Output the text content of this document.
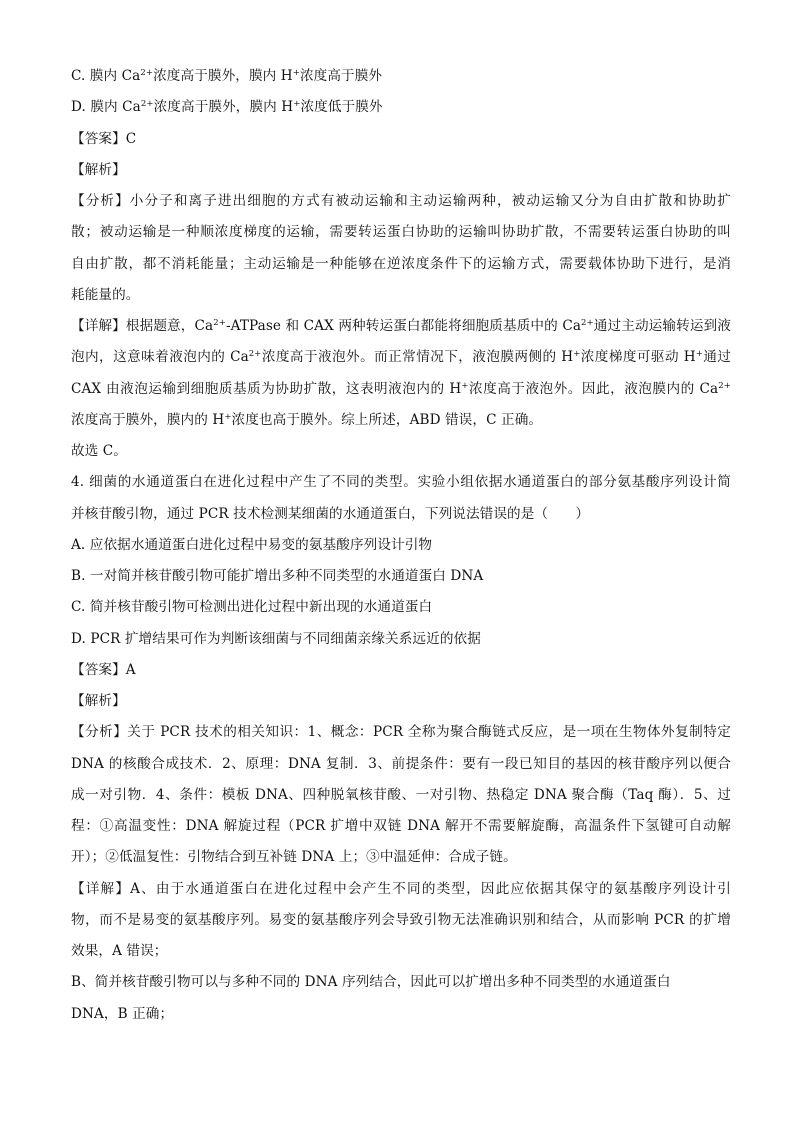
C. 膜内 $Ca^{2+}$浓度高于膜外，膜内 H+浓度高于膜外
D. 膜内 $Ca^{2+}$浓度高于膜外，膜内 H+浓度低于膜外
【答案】C
【解析】
【分析】小分子和离子进出细胞的方式有被动运输和主动运输两种，被动运输又分为自由扩散和协助扩
散；被动运输是一种顺浓度梯度的运输，需要转运蛋白协助的运输叫协助扩散，不需要转运蛋白协助的叫
自由扩散，都不消耗能量；主动运输是一种能够在逆浓度条件下的运输方式，需要载体协助下进行，是消
耗能量的。
【详解】根据题意，$Ca^{2+}$-ATPase 和 CAX 两种转运蛋白都能将细胞质基质中的 $Ca^{2+}$通过主动运输转运到液
泡内，这意味着液泡内的 $Ca^{2+}$浓度高于液泡外。而正常情况下，液泡膜两侧的 H+浓度梯度可驱动 H+通过
CAX 由液泡运输到细胞质基质为协助扩散，这表明液泡内的 H+浓度高于液泡外。因此，液泡膜内的 $Ca^{2+}$
浓度高于膜外，膜内的 H+浓度也高于膜外。综上所述，ABD 错误，C 正确。
故选 C。
4. 细菌的水通道蛋白在进化过程中产生了不同的类型。实验小组依据水通道蛋白的部分氨基酸序列设计简
并核苷酸引物，通过 PCR 技术检测某细菌的水通道蛋白，下列说法错误的是（　　）
A. 应依据水通道蛋白进化过程中易变的氨基酸序列设计引物
B. 一对简并核苷酸引物可能扩增出多种不同类型的水通道蛋白 DNA
C. 简并核苷酸引物可检测出进化过程中新出现的水通道蛋白
D. PCR 扩增结果可作为判断该细菌与不同细菌亲缘关系远近的依据
【答案】A
【解析】
【分析】关于 PCR 技术的相关知识：1、概念：PCR 全称为聚合酶链式反应，是一项在生物体外复制特定
DNA 的核酸合成技术．2、原理：DNA 复制．3、前提条件：要有一段已知目的基因的核苷酸序列以便合
成一对引物．4、条件：模板 DNA、四种脱氧核苷酸、一对引物、热稳定 DNA 聚合酶（Taq 酶）．5、过
程：①高温变性：DNA 解旋过程（PCR 扩增中双链 DNA 解开不需要解旋酶，高温条件下氢键可自动解
开）；②低温复性：引物结合到互补链 DNA 上；③中温延伸：合成子链。
【详解】A、由于水通道蛋白在进化过程中会产生不同的类型，因此应依据其保守的氨基酸序列设计引
物，而不是易变的氨基酸序列。易变的氨基酸序列会导致引物无法准确识别和结合，从而影响 PCR 的扩增
效果，A 错误；
B、简并核苷酸引物可以与多种不同的 DNA 序列结合，因此可以扩增出多种不同类型的水通道蛋白
DNA，B 正确；
